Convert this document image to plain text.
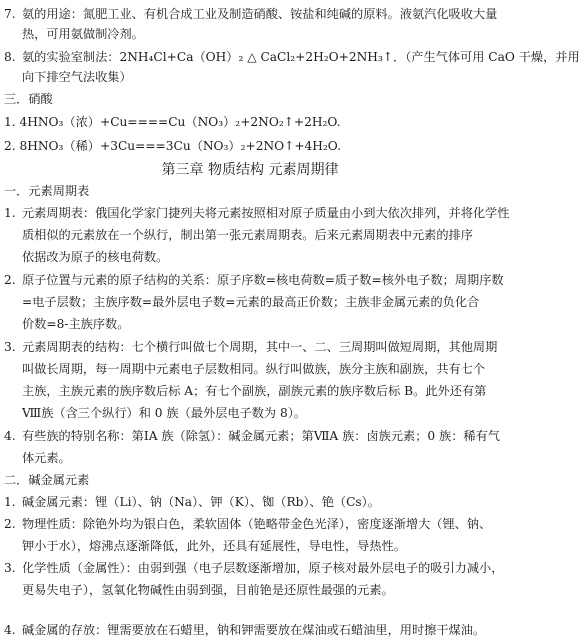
7. 氨的用途：氮肥工业、有机合成工业及制造硝酸、铵盐和纯碱的原料。液氨汽化吸收大量
热，可用氨做制冷剂。
8. 氨的实验室制法：2NH₄Cl+Ca（OH）₂ △ CaCl₂+2H₂O+2NH₃↑．（产生气体可用 CaO 干燥，并用
向下排空气法收集）
三．硝酸
1. 4HNO₃（浓）+Cu====Cu（NO₃）₂+2NO₂↑+2H₂O.
2. 8HNO₃（稀）+3Cu===3Cu（NO₃）₂+2NO↑+4H₂O.
第三章 物质结构 元素周期律
一．元素周期表
1. 元素周期表：俄国化学家门捷列夫将元素按照相对原子质量由小到大依次排列，并将化学性
质相似的元素放在一个纵行，制出第一张元素周期表。后来元素周期表中元素的排序
依据改为原子的核电荷数。
2. 原子位置与元素的原子结构的关系：原子序数=核电荷数=质子数=核外电子数；周期序数
=电子层数；主族序数=最外层电子数=元素的最高正价数；主族非金属元素的负化合
价数=8-主族序数。
3. 元素周期表的结构：七个横行叫做七个周期，其中一、二、三周期叫做短周期，其他周期
叫做长周期，每一周期中元素电子层数相同。纵行叫做族，族分主族和副族，共有七个
主族，主族元素的族序数后标 A；有七个副族，副族元素的族序数后标 B。此外还有第
Ⅷ族（含三个纵行）和 0 族（最外层电子数为 8）。
4. 有些族的特别名称：第ⅠA 族（除氢）：碱金属元素；第ⅦA 族：卤族元素；0 族：稀有气
体元素。
二．碱金属元素
1. 碱金属元素：锂（Li）、钠（Na）、钾（K）、铷（Rb）、铯（Cs）。
2. 物理性质：除铯外均为银白色，柔软固体（铯略带金色光泽），密度逐渐增大（锂、钠、
钾小于水），熔沸点逐渐降低，此外，还具有延展性，导电性，导热性。
3. 化学性质（金属性）：由弱到强（电子层数逐渐增加，原子核对最外层电子的吸引力减小，
更易失电子），氢氧化物碱性由弱到强，目前铯是还原性最强的元素。
4. 碱金属的存放：锂需要放在石蜡里，钠和钾需要放在煤油或石蜡油里，用时擦干煤油。
